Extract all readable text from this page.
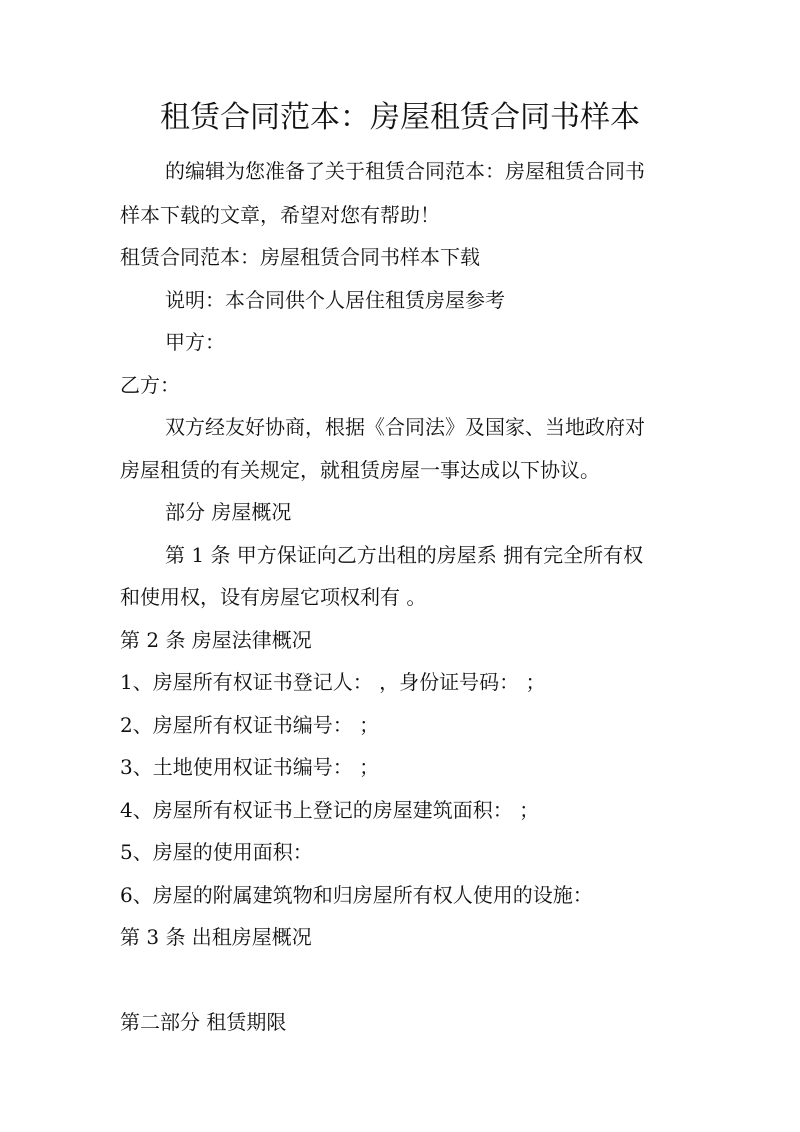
租赁合同范本：房屋租赁合同书样本
的编辑为您准备了关于租赁合同范本：房屋租赁合同书
样本下载的文章，希望对您有帮助！
租赁合同范本：房屋租赁合同书样本下载
说明：本合同供个人居住租赁房屋参考
甲方：
乙方：
双方经友好协商，根据《合同法》及国家、当地政府对
房屋租赁的有关规定，就租赁房屋一事达成以下协议。
部分 房屋概况
第 1 条 甲方保证向乙方出租的房屋系 拥有完全所有权
和使用权，设有房屋它项权利有 。
第 2 条 房屋法律概况
1、房屋所有权证书登记人： ，身份证号码： ；
2、房屋所有权证书编号： ；
3、土地使用权证书编号： ；
4、房屋所有权证书上登记的房屋建筑面积： ；
5、房屋的使用面积：
6、房屋的附属建筑物和归房屋所有权人使用的设施：
第 3 条 出租房屋概况
第二部分 租赁期限
